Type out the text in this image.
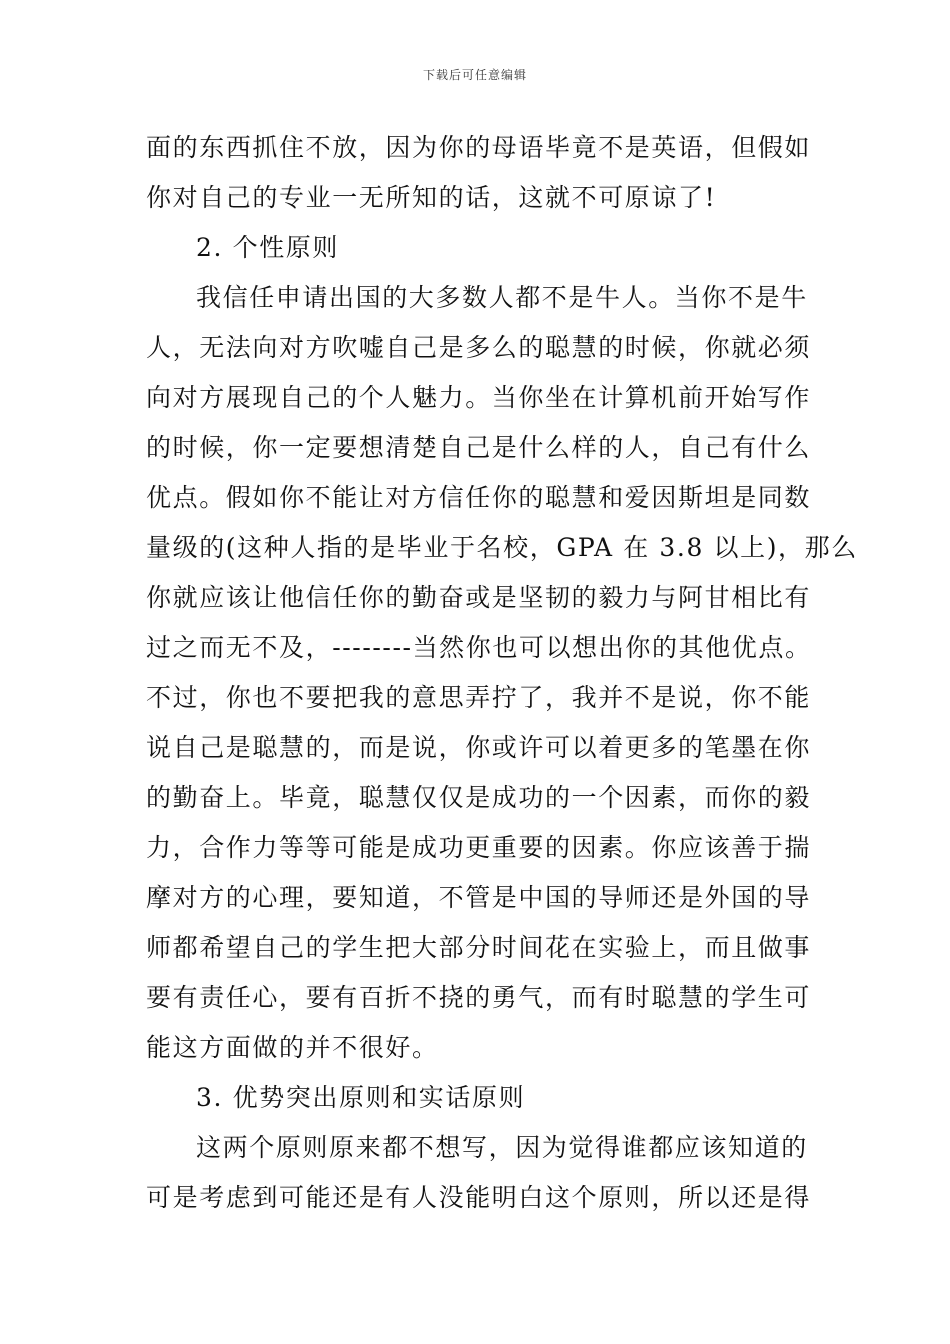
下载后可任意编辑
面的东西抓住不放，因为你的母语毕竟不是英语，但假如
你对自己的专业一无所知的话，这就不可原谅了!
2. 个性原则
我信任申请出国的大多数人都不是牛人。当你不是牛
人，无法向对方吹嘘自己是多么的聪慧的时候，你就必须
向对方展现自己的个人魅力。当你坐在计算机前开始写作
的时候，你一定要想清楚自己是什么样的人，自己有什么
优点。假如你不能让对方信任你的聪慧和爱因斯坦是同数
量级的(这种人指的是毕业于名校，GPA 在 3.8 以上)，那么
你就应该让他信任你的勤奋或是坚韧的毅力与阿甘相比有
过之而无不及，--------当然你也可以想出你的其他优点。
不过，你也不要把我的意思弄拧了，我并不是说，你不能
说自己是聪慧的，而是说，你或许可以着更多的笔墨在你
的勤奋上。毕竟，聪慧仅仅是成功的一个因素，而你的毅
力，合作力等等可能是成功更重要的因素。你应该善于揣
摩对方的心理，要知道，不管是中国的导师还是外国的导
师都希望自己的学生把大部分时间花在实验上，而且做事
要有责任心，要有百折不挠的勇气，而有时聪慧的学生可
能这方面做的并不很好。
3. 优势突出原则和实话原则
这两个原则原来都不想写，因为觉得谁都应该知道的
可是考虑到可能还是有人没能明白这个原则，所以还是得
